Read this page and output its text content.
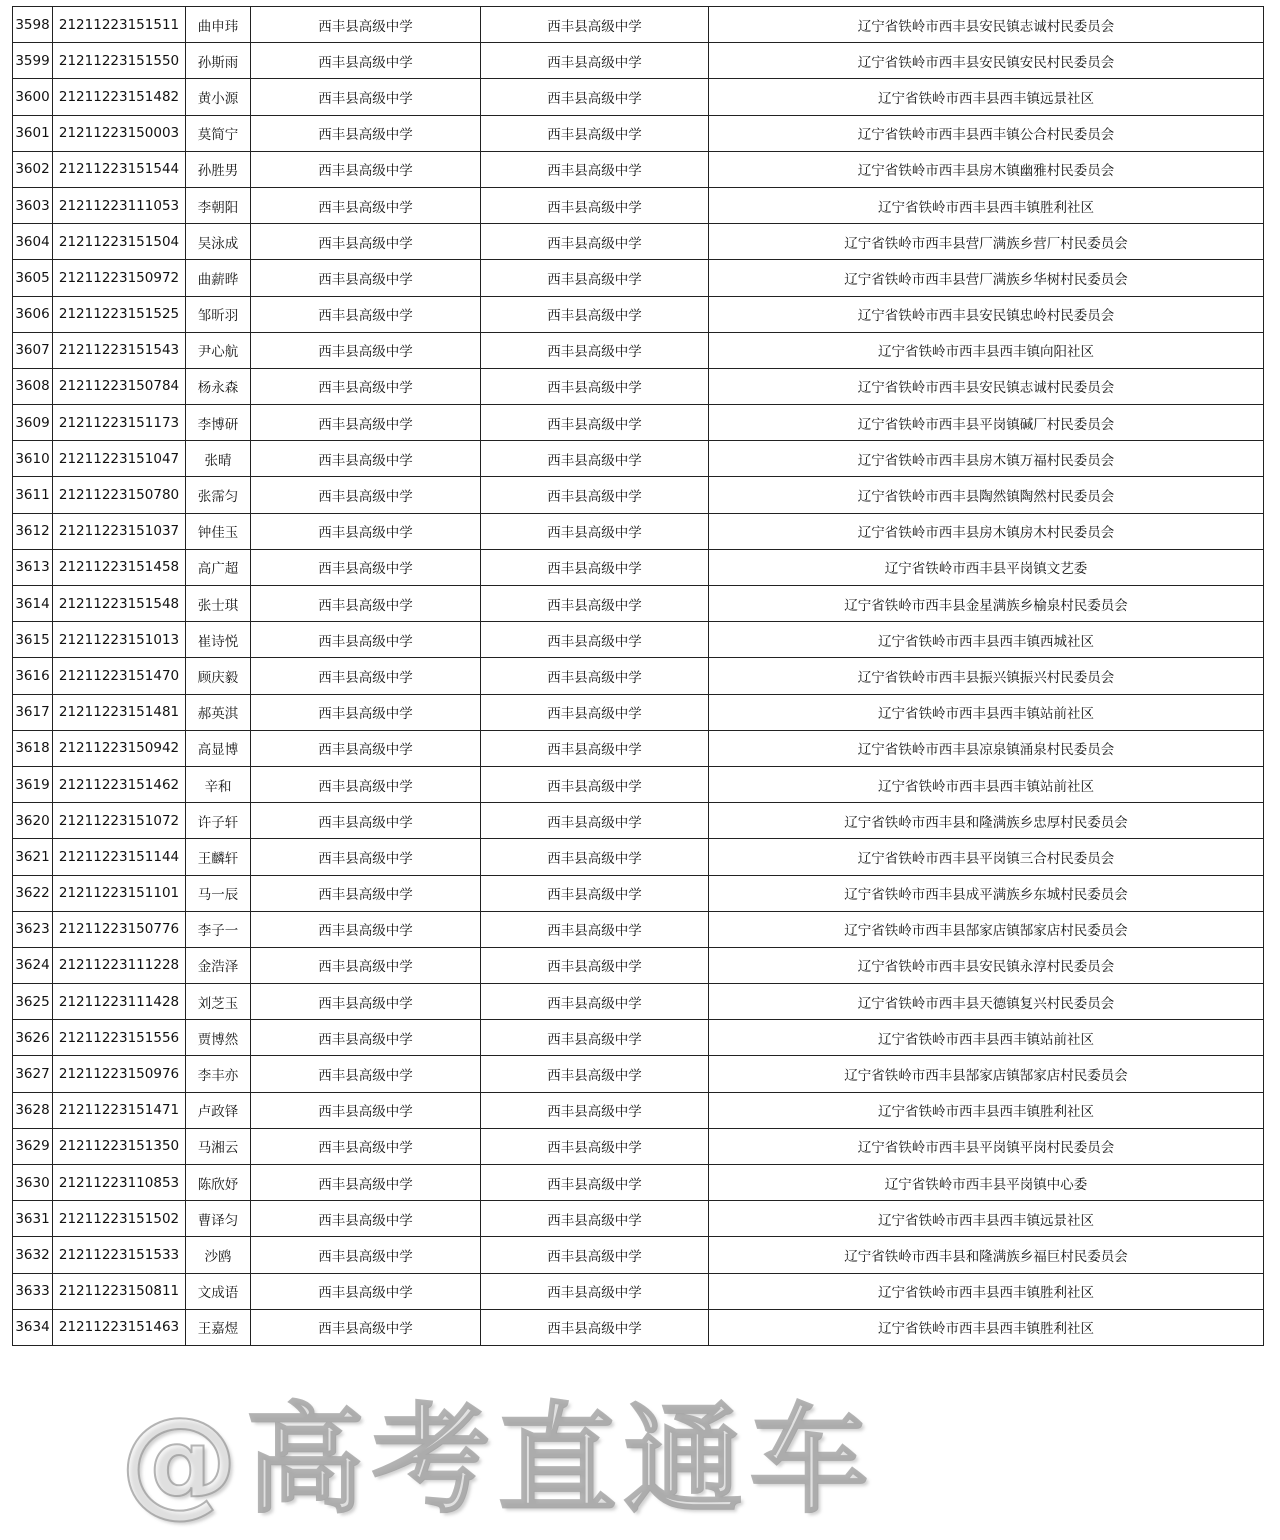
3598	21211223151511	曲申玮	西丰县高级中学	西丰县高级中学	辽宁省铁岭市西丰县安民镇志诚村民委员会
3599	21211223151550	孙斯雨	西丰县高级中学	西丰县高级中学	辽宁省铁岭市西丰县安民镇安民村民委员会
3600	21211223151482	黄小源	西丰县高级中学	西丰县高级中学	辽宁省铁岭市西丰县西丰镇远景社区
3601	21211223150003	莫简宁	西丰县高级中学	西丰县高级中学	辽宁省铁岭市西丰县西丰镇公合村民委员会
3602	21211223151544	孙胜男	西丰县高级中学	西丰县高级中学	辽宁省铁岭市西丰县房木镇幽雅村民委员会
3603	21211223111053	李朝阳	西丰县高级中学	西丰县高级中学	辽宁省铁岭市西丰县西丰镇胜利社区
3604	21211223151504	吴泳成	西丰县高级中学	西丰县高级中学	辽宁省铁岭市西丰县营厂满族乡营厂村民委员会
3605	21211223150972	曲薪晔	西丰县高级中学	西丰县高级中学	辽宁省铁岭市西丰县营厂满族乡华树村民委员会
3606	21211223151525	邹昕羽	西丰县高级中学	西丰县高级中学	辽宁省铁岭市西丰县安民镇忠岭村民委员会
3607	21211223151543	尹心航	西丰县高级中学	西丰县高级中学	辽宁省铁岭市西丰县西丰镇向阳社区
3608	21211223150784	杨永森	西丰县高级中学	西丰县高级中学	辽宁省铁岭市西丰县安民镇志诚村民委员会
3609	21211223151173	李博研	西丰县高级中学	西丰县高级中学	辽宁省铁岭市西丰县平岗镇碱厂村民委员会
3610	21211223151047	张晴	西丰县高级中学	西丰县高级中学	辽宁省铁岭市西丰县房木镇万福村民委员会
3611	21211223150780	张霈匀	西丰县高级中学	西丰县高级中学	辽宁省铁岭市西丰县陶然镇陶然村民委员会
3612	21211223151037	钟佳玉	西丰县高级中学	西丰县高级中学	辽宁省铁岭市西丰县房木镇房木村民委员会
3613	21211223151458	高广超	西丰县高级中学	西丰县高级中学	辽宁省铁岭市西丰县平岗镇文艺委
3614	21211223151548	张士琪	西丰县高级中学	西丰县高级中学	辽宁省铁岭市西丰县金星满族乡榆泉村民委员会
3615	21211223151013	崔诗悦	西丰县高级中学	西丰县高级中学	辽宁省铁岭市西丰县西丰镇西城社区
3616	21211223151470	顾庆毅	西丰县高级中学	西丰县高级中学	辽宁省铁岭市西丰县振兴镇振兴村民委员会
3617	21211223151481	郝英淇	西丰县高级中学	西丰县高级中学	辽宁省铁岭市西丰县西丰镇站前社区
3618	21211223150942	高显博	西丰县高级中学	西丰县高级中学	辽宁省铁岭市西丰县凉泉镇涌泉村民委员会
3619	21211223151462	辛和	西丰县高级中学	西丰县高级中学	辽宁省铁岭市西丰县西丰镇站前社区
3620	21211223151072	许子轩	西丰县高级中学	西丰县高级中学	辽宁省铁岭市西丰县和隆满族乡忠厚村民委员会
3621	21211223151144	王麟轩	西丰县高级中学	西丰县高级中学	辽宁省铁岭市西丰县平岗镇三合村民委员会
3622	21211223151101	马一辰	西丰县高级中学	西丰县高级中学	辽宁省铁岭市西丰县成平满族乡东城村民委员会
3623	21211223150776	李子一	西丰县高级中学	西丰县高级中学	辽宁省铁岭市西丰县郜家店镇郜家店村民委员会
3624	21211223111228	金浩泽	西丰县高级中学	西丰县高级中学	辽宁省铁岭市西丰县安民镇永淳村民委员会
3625	21211223111428	刘芝玉	西丰县高级中学	西丰县高级中学	辽宁省铁岭市西丰县天德镇复兴村民委员会
3626	21211223151556	贾博然	西丰县高级中学	西丰县高级中学	辽宁省铁岭市西丰县西丰镇站前社区
3627	21211223150976	李丰亦	西丰县高级中学	西丰县高级中学	辽宁省铁岭市西丰县郜家店镇郜家店村民委员会
3628	21211223151471	卢政铎	西丰县高级中学	西丰县高级中学	辽宁省铁岭市西丰县西丰镇胜利社区
3629	21211223151350	马湘云	西丰县高级中学	西丰县高级中学	辽宁省铁岭市西丰县平岗镇平岗村民委员会
3630	21211223110853	陈欣妤	西丰县高级中学	西丰县高级中学	辽宁省铁岭市西丰县平岗镇中心委
3631	21211223151502	曹译匀	西丰县高级中学	西丰县高级中学	辽宁省铁岭市西丰县西丰镇远景社区
3632	21211223151533	沙鸥	西丰县高级中学	西丰县高级中学	辽宁省铁岭市西丰县和隆满族乡福巨村民委员会
3633	21211223150811	文成语	西丰县高级中学	西丰县高级中学	辽宁省铁岭市西丰县西丰镇胜利社区
3634	21211223151463	王嘉煜	西丰县高级中学	西丰县高级中学	辽宁省铁岭市西丰县西丰镇胜利社区
@高考直通车
